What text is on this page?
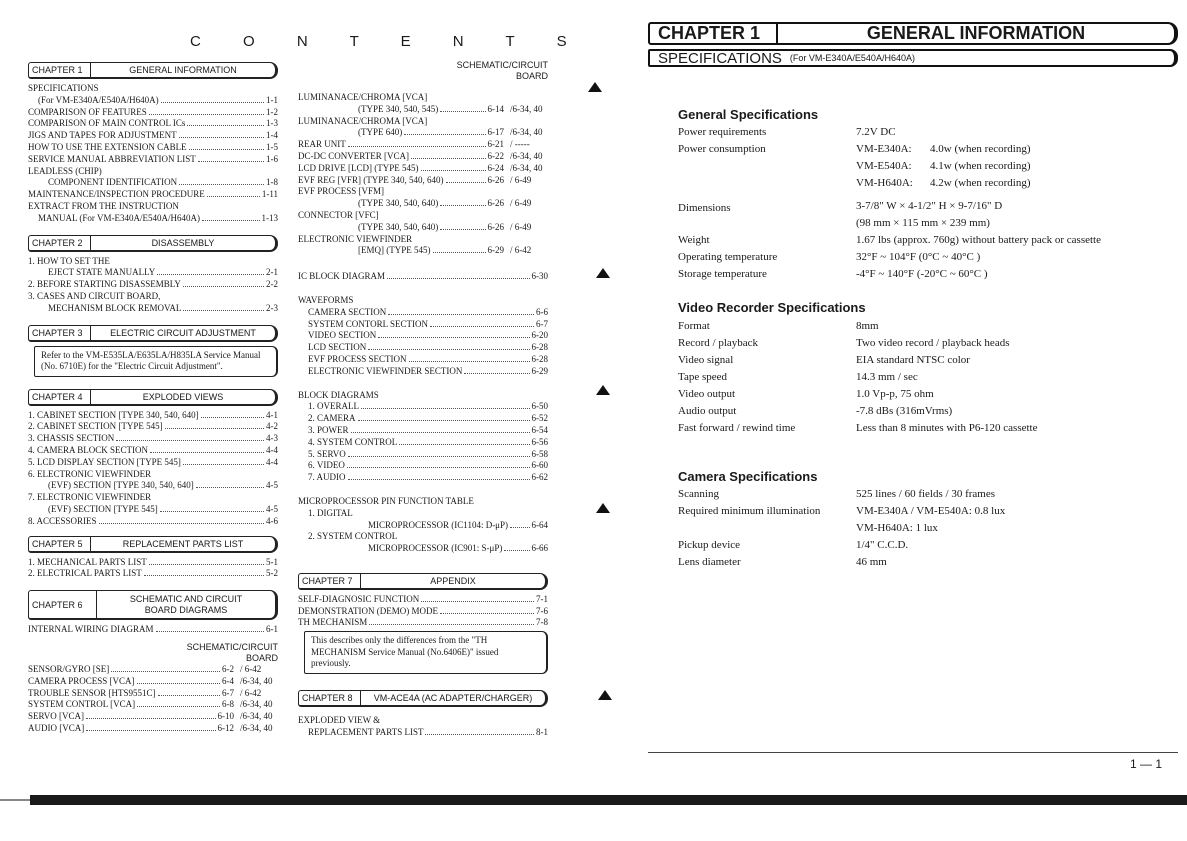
C O N T E N T S
CHAPTER 1	GENERAL INFORMATION
SPECIFICATIONS
(For VM-E340A/E540A/H640A)	1-1
COMPARISON OF FEATURES	1-2
COMPARISON OF MAIN CONTROL ICs	1-3
JIGS AND TAPES FOR ADJUSTMENT	1-4
HOW TO USE THE EXTENSION CABLE	1-5
SERVICE MANUAL ABBREVIATION LIST	1-6
LEADLESS (CHIP)
COMPONENT IDENTIFICATION	1-8
MAINTENANCE/INSPECTION PROCEDURE	1-11
EXTRACT FROM THE INSTRUCTION
MANUAL (For VM-E340A/E540A/H640A)	1-13
CHAPTER 2	DISASSEMBLY
1. HOW TO SET THE
EJECT STATE MANUALLY	2-1
2. BEFORE STARTING DISASSEMBLY	2-2
3. CASES AND CIRCUIT BOARD,
MECHANISM BLOCK REMOVAL	2-3
CHAPTER 3	ELECTRIC CIRCUIT ADJUSTMENT
Refer to the VM-E535LA/E635LA/H835LA Service Manual (No. 6710E) for the "Electric Circuit Adjustment".
CHAPTER 4	EXPLODED VIEWS
1. CABINET SECTION [TYPE 340, 540, 640]	4-1
2. CABINET SECTION [TYPE 545]	4-2
3. CHASSIS SECTION	4-3
4. CAMERA BLOCK SECTION	4-4
5. LCD DISPLAY SECTION [TYPE 545]	4-4
6. ELECTRONIC VIEWFINDER
(EVF) SECTION [TYPE 340, 540, 640]	4-5
7. ELECTRONIC VIEWFINDER
(EVF) SECTION [TYPE 545]	4-5
8. ACCESSORIES	4-6
CHAPTER 5	REPLACEMENT PARTS LIST
1. MECHANICAL PARTS LIST	5-1
2. ELECTRICAL PARTS LIST	5-2
CHAPTER 6
SCHEMATIC AND CIRCUIT
BOARD DIAGRAMS
INTERNAL WIRING DIAGRAM	6-1
SCHEMATIC/CIRCUIT
BOARD
SENSOR/GYRO [SE]	6-2 / 6-42
CAMERA PROCESS [VCA]	6-4 /6-34, 40
TROUBLE SENSOR [HTS9551C]	6-7 / 6-42
SYSTEM CONTROL [VCA]	6-8 /6-34, 40
SERVO [VCA]	6-10 /6-34, 40
AUDIO [VCA]	6-12 /6-34, 40
SCHEMATIC/CIRCUIT
BOARD
LUMINANACE/CHROMA [VCA]
(TYPE 340, 540, 545)	6-14 /6-34, 40
LUMINANACE/CHROMA [VCA]
(TYPE 640)	6-17 /6-34, 40
REAR UNIT	6-21 / -----
DC-DC CONVERTER [VCA]	6-22 /6-34, 40
LCD DRIVE [LCD] (TYPE 545)	6-24 /6-34, 40
EVF REG [VFR] (TYPE 340, 540, 640)	6-26 / 6-49
EVF PROCESS [VFM]
(TYPE 340, 540, 640)	6-26 / 6-49
CONNECTOR [VFC]
(TYPE 340, 540, 640)	6-26 / 6-49
ELECTRONIC VIEWFINDER
[EMQ] (TYPE 545)	6-29 / 6-42
IC BLOCK DIAGRAM	6-30
WAVEFORMS
CAMERA SECTION	6-6
SYSTEM CONTORL SECTION	6-7
VIDEO SECTION	6-20
LCD SECTION	6-28
EVF PROCESS SECTION	6-28
ELECTRONIC VIEWFINDER SECTION	6-29
BLOCK DIAGRAMS
1. OVERALL	6-50
2. CAMERA	6-52
3. POWER	6-54
4. SYSTEM CONTROL	6-56
5. SERVO	6-58
6. VIDEO	6-60
7. AUDIO	6-62
MICROPROCESSOR PIN FUNCTION TABLE
1. DIGITAL
MICROPROCESSOR (IC1104: D-μP)	6-64
2. SYSTEM CONTROL
MICROPROCESSOR (IC901: S-μP)	6-66
CHAPTER 7	APPENDIX
SELF-DIAGNOSIC FUNCTION	7-1
DEMONSTRATION (DEMO) MODE	7-6
TH MECHANISM	7-8
This describes only the differences from the "TH MECHANISM Service Manual (No.6406E)" issued previously.
CHAPTER 8	VM-ACE4A (AC ADAPTER/CHARGER)
EXPLODED VIEW &
REPLACEMENT PARTS LIST	8-1
CHAPTER 1	GENERAL INFORMATION
SPECIFICATIONS (For VM-E340A/E540A/H640A)
General Specifications
Power requirements	7.2V DC
Power consumption	VM-E340A:	4.0w (when recording)
VM-E540A:	4.1w (when recording)
VM-H640A:	4.2w (when recording)
Dimensions	3-7/8" W × 4-1/2" H × 9-7/16" D
(98 mm × 115 mm × 239 mm)
Weight	1.67 lbs (approx. 760g) without battery pack or cassette
Operating temperature	32°F ~ 104°F (0°C ~ 40°C )
Storage temperature	-4°F ~ 140°F (-20°C ~ 60°C )
Video Recorder Specifications
Format	8mm
Record / playback	Two video record / playback heads
Video signal	EIA standard NTSC color
Tape speed	14.3 mm / sec
Video output	1.0 Vp-p, 75 ohm
Audio output	-7.8 dBs (316mVrms)
Fast forward / rewind time	Less than 8 minutes with P6-120 cassette
Camera Specifications
Scanning	525 lines / 60 fields / 30 frames
Required minimum illumination	VM-E340A / VM-E540A: 0.8 lux
VM-H640A: 1 lux
Pickup device	1/4" C.C.D.
Lens diameter	46 mm
1 — 1
